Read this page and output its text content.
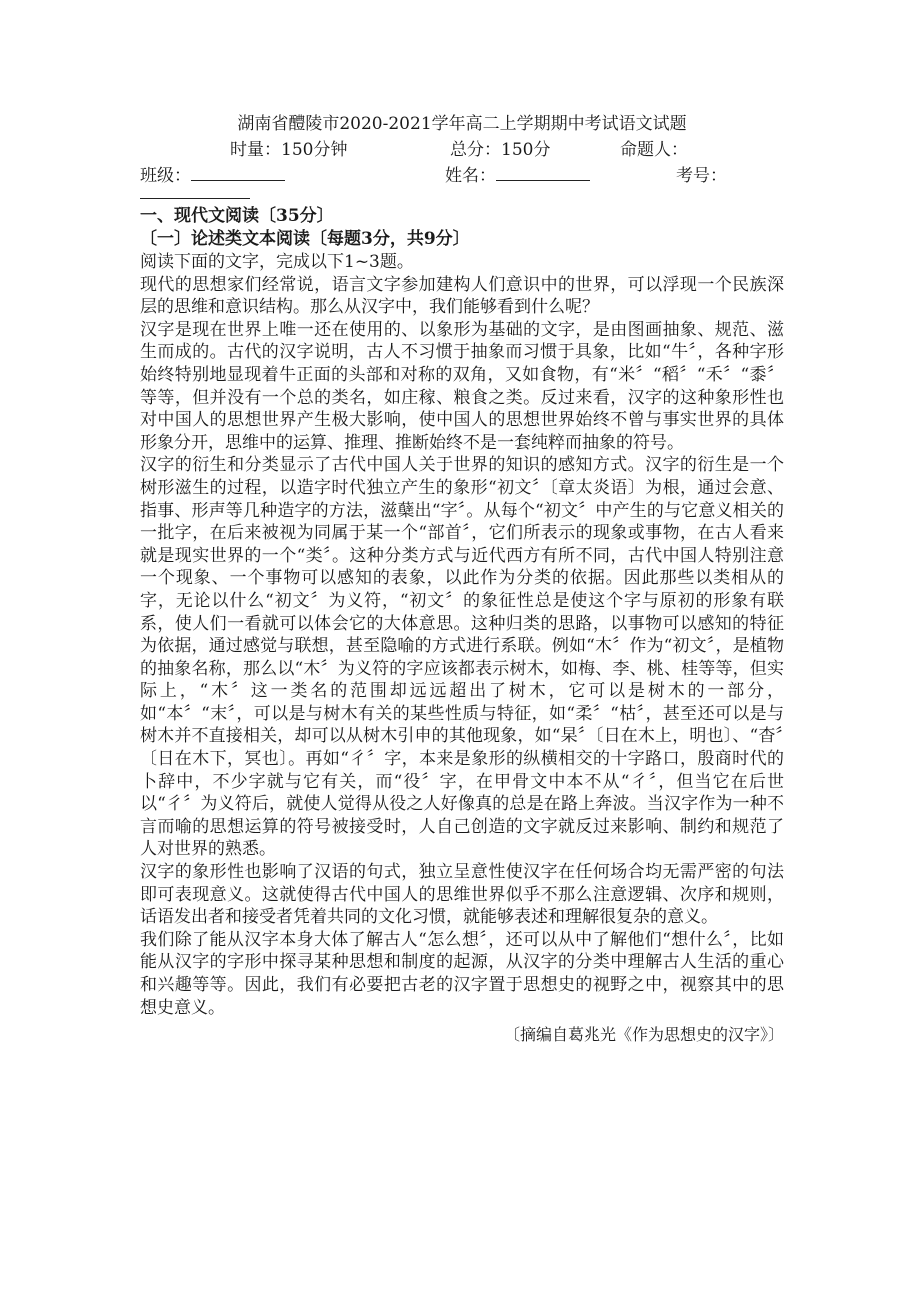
湖南省醴陵市2020-2021学年高二上学期期中考试语文试题
时量：150分钟	总分：150分	命题人：
班级：	姓名：	考号：
一、现代文阅读〔35分〕
〔一〕论述类文本阅读〔每题3分，共9分〕
阅读下面的文字，完成以下1~3题。
现代的思想家们经常说，语言文字参加建构人们意识中的世界，可以浮现一个民族深层的思维和意识结构。那么从汉字中，我们能够看到什么呢？
汉字是现在世界上唯一还在使用的、以象形为基础的文字，是由图画抽象、规范、滋生而成的。古代的汉字说明，古人不习惯于抽象而习惯于具象，比如“牛〞，各种字形始终特别地显现着牛正面的头部和对称的双角，又如食物，有“米〞“稻〞“禾〞“黍〞等等，但并没有一个总的类名，如庄稼、粮食之类。反过来看，汉字的这种象形性也对中国人的思想世界产生极大影响，使中国人的思想世界始终不曾与事实世界的具体形象分开，思维中的运算、推理、推断始终不是一套纯粹而抽象的符号。
汉字的衍生和分类显示了古代中国人关于世界的知识的感知方式。汉字的衍生是一个树形滋生的过程，以造字时代独立产生的象形“初文〞〔章太炎语〕为根，通过会意、指事、形声等几种造字的方法，滋蘖出“字〞。从每个“初文〞中产生的与它意义相关的一批字，在后来被视为同属于某一个“部首〞，它们所表示的现象或事物，在古人看来就是现实世界的一个“类〞。这种分类方式与近代西方有所不同，古代中国人特别注意一个现象、一个事物可以感知的表象，以此作为分类的依据。因此那些以类相从的字，无论以什么“初文〞为义符，“初文〞的象征性总是使这个字与原初的形象有联系，使人们一看就可以体会它的大体意思。这种归类的思路，以事物可以感知的特征为依据，通过感觉与联想，甚至隐喻的方式进行系联。例如“木〞作为“初文〞，是植物的抽象名称，那么以“木〞为义符的字应该都表示树木，如梅、李、桃、桂等等，但实际上，“木〞这一类名的范围却远远超出了树木，它可以是树木的一部分，如“本〞“末〞，可以是与树木有关的某些性质与特征，如“柔〞“枯〞，甚至还可以是与树木并不直接相关，却可以从树木引申的其他现象，如“杲〞〔日在木上，明也〕、“杳〞〔日在木下，冥也〕。再如“彳〞字，本来是象形的纵横相交的十字路口，殷商时代的卜辞中，不少字就与它有关，而“役〞字，在甲骨文中本不从“彳〞，但当它在后世以“彳〞为义符后，就使人觉得从役之人好像真的总是在路上奔波。当汉字作为一种不言而喻的思想运算的符号被接受时，人自己创造的文字就反过来影响、制约和规范了人对世界的熟悉。
汉字的象形性也影响了汉语的句式，独立呈意性使汉字在任何场合均无需严密的句法即可表现意义。这就使得古代中国人的思维世界似乎不那么注意逻辑、次序和规则，话语发出者和接受者凭着共同的文化习惯，就能够表述和理解很复杂的意义。
我们除了能从汉字本身大体了解古人“怎么想〞，还可以从中了解他们“想什么〞，比如能从汉字的字形中探寻某种思想和制度的起源，从汉字的分类中理解古人生活的重心和兴趣等等。因此，我们有必要把古老的汉字置于思想史的视野之中，视察其中的思想史意义。
〔摘编自葛兆光《作为思想史的汉字》〕
